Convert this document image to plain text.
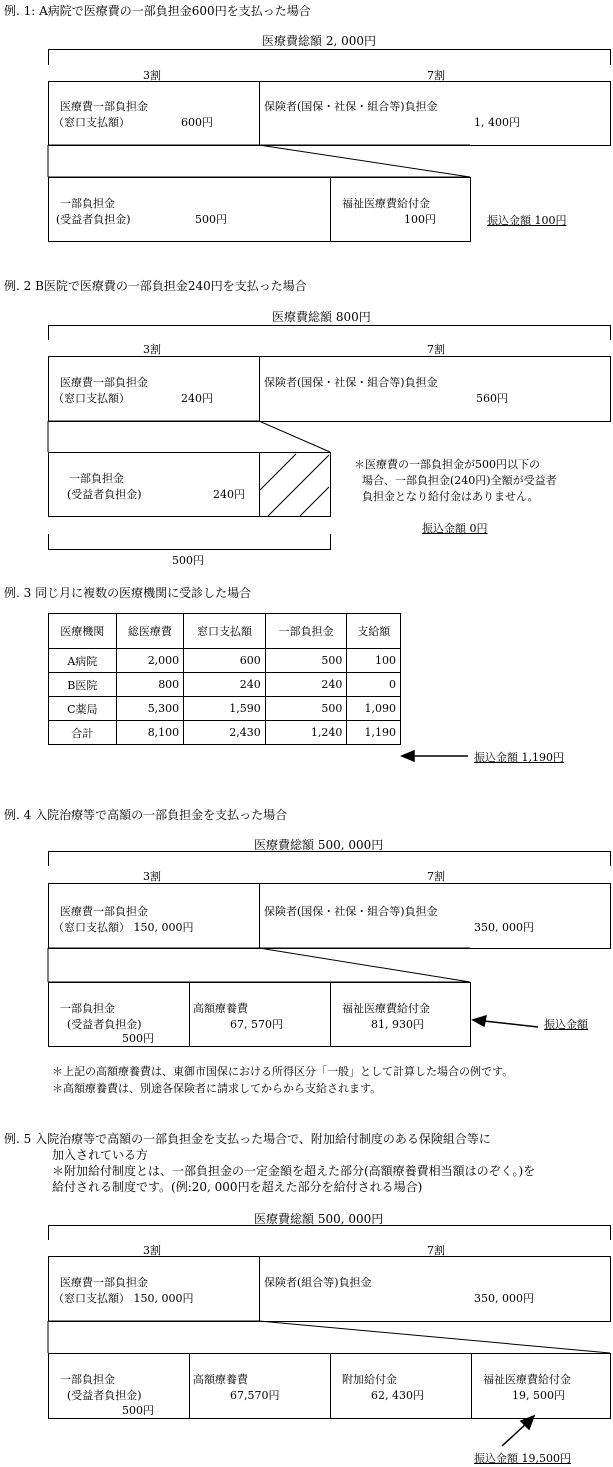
例. 1: A病院で医療費の一部負担金600円を支払った場合
医療費総額 2, 000円
3割	7割
医療費一部負担金
（窓口支払額）	600円
保険者(国保・社保・組合等)負担金
1, 400円
一部負担金
(受益者負担金)	500円
福祉医療費給付金
100円	振込金額 100円
例. 2 B医院で医療費の一部負担金240円を支払った場合
医療費総額 800円
3割	7割
医療費一部負担金
（窓口支払額）	240円
保険者(国保・社保・組合等)負担金
560円
一部負担金
(受益者負担金)	240円
＊医療費の一部負担金が500円以下の
場合、一部負担金(240円)全額が受益者
負担金となり給付金はありません。
振込金額 0円
500円
例. 3 同じ月に複数の医療機関に受診した場合
医療機関	総医療費	窓口支払額	一部負担金	支給額
A病院	2,000	600	500	100
B医院	800	240	240	0
C薬局	5,300	1,590	500	1,090
合計	8,100	2,430	1,240	1,190
振込金額 1,190円
例. 4 入院治療等で高額の一部負担金を支払った場合
医療費総額 500, 000円
3割	7割
医療費一部負担金
（窓口支払額） 150, 000円
保険者(国保・社保・組合等)負担金
350, 000円
一部負担金
(受益者負担金)
500円
高額療養費
67, 570円
福祉医療費給付金
81, 930円	振込金額
＊上記の高額療養費は、東御市国保における所得区分「一般」として計算した場合の例です。
＊高額療養費は、別途各保険者に請求してからから支給されます。
例. 5 入院治療等で高額の一部負担金を支払った場合で、附加給付制度のある保険組合等に
加入されている方
＊附加給付制度とは、一部負担金の一定金額を超えた部分(高額療養費相当額はのぞく。)を
給付される制度です。(例:20, 000円を超えた部分を給付される場合)
医療費総額 500, 000円
3割	7割
医療費一部負担金
（窓口支払額） 150, 000円
保険者(組合等)負担金
350, 000円
一部負担金
(受益者負担金)
500円
高額療養費
67,570円
附加給付金
62, 430円
福祉医療費給付金
19, 500円
振込金額 19,500円
